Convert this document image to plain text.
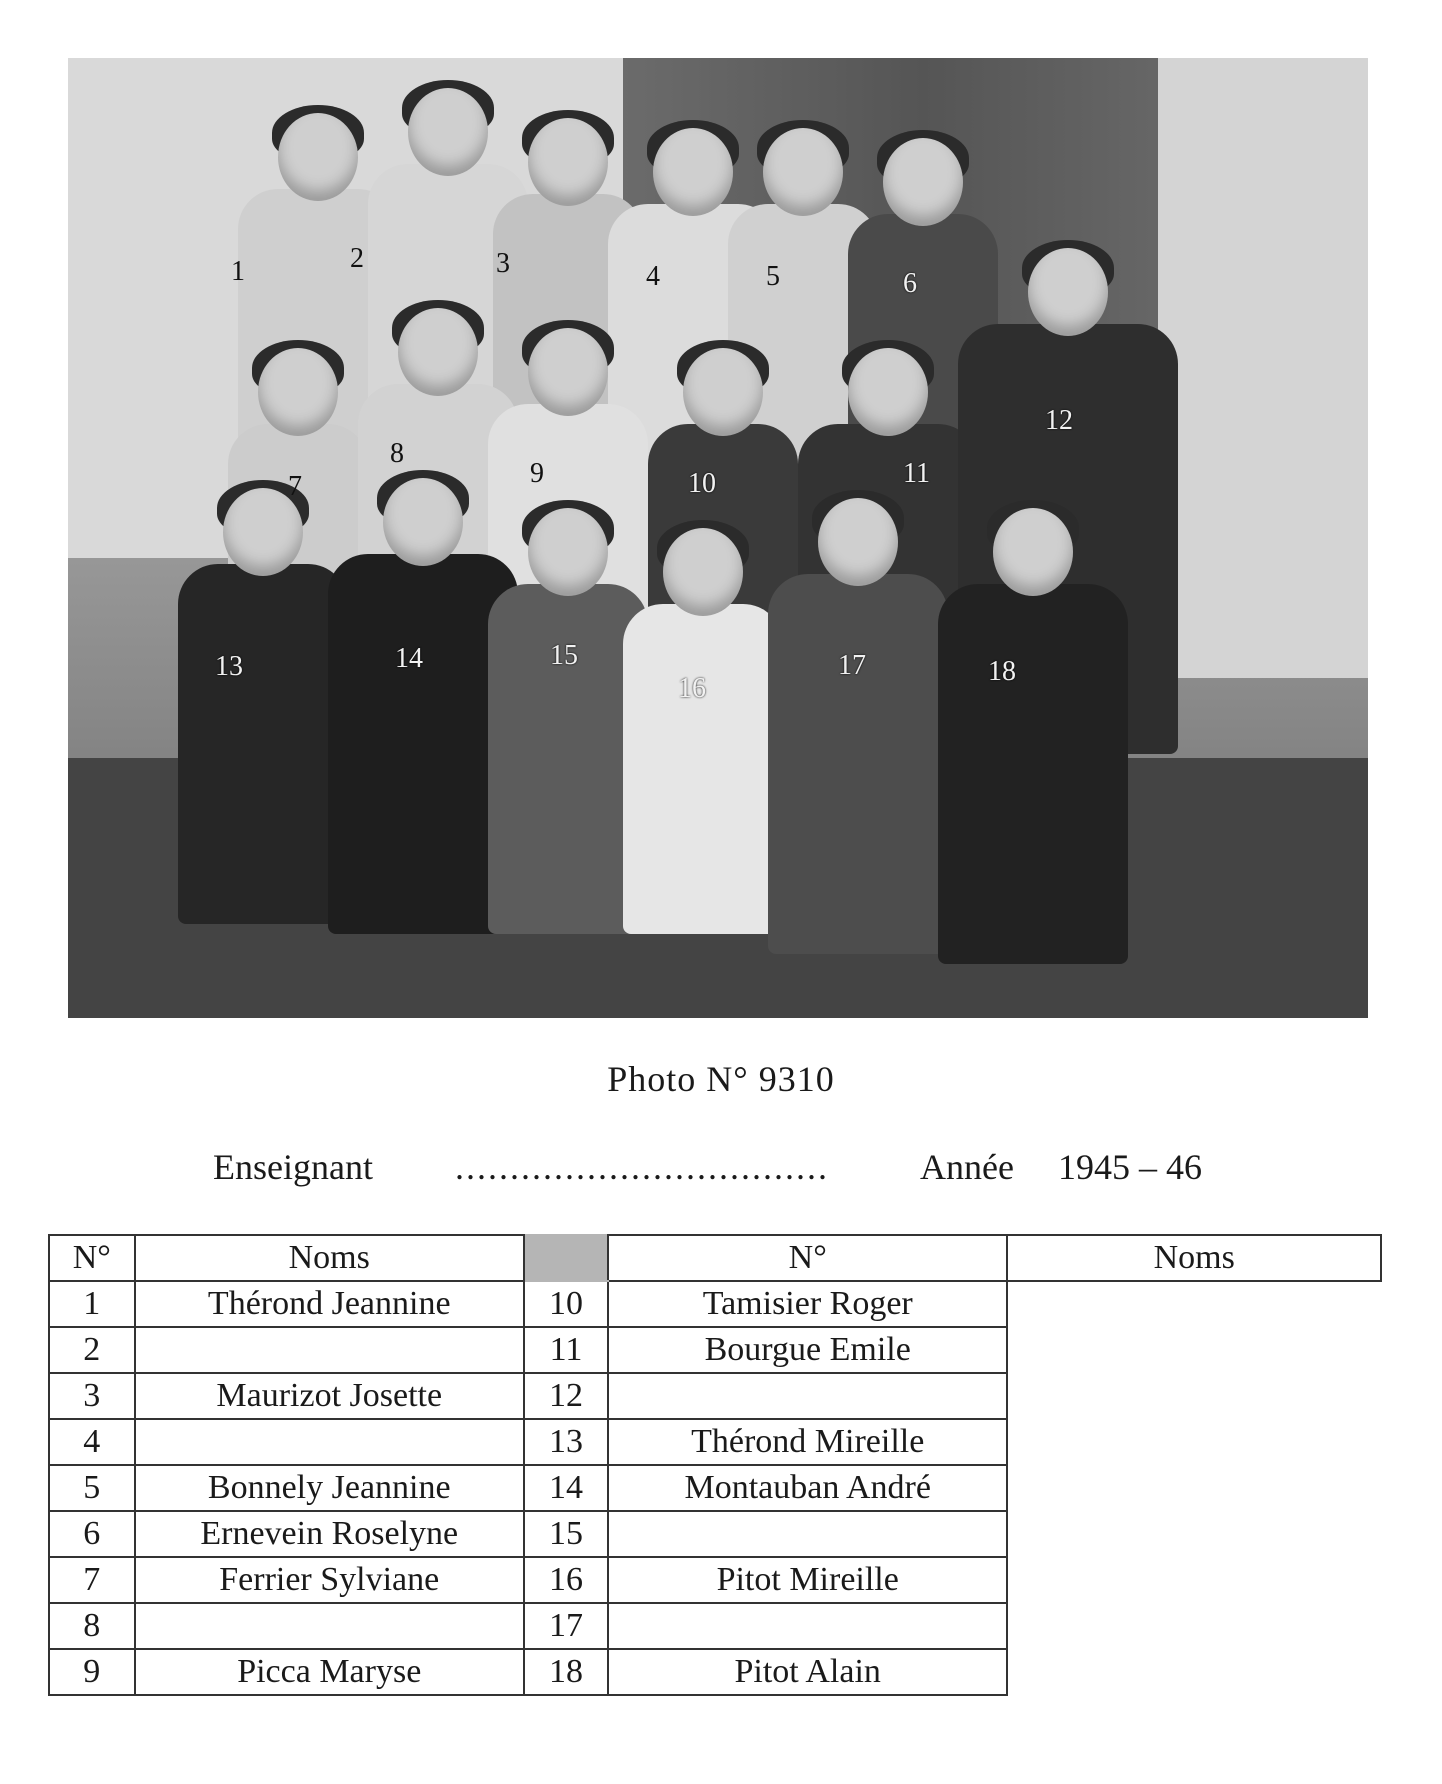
1	2	3	4	5	6
7
8
9	10	11
12
13	14	15
16
17	18
Photo N° 9310
Enseignant ..................................	Année 1945 – 46
N°	Noms		N°	Noms
1	Thérond Jeannine	10	Tamisier Roger	
2		11	Bourgue Emile	
3	Maurizot Josette	12		
4		13	Thérond Mireille	
5	Bonnely Jeannine	14	Montauban André	
6	Ernevein Roselyne	15		
7	Ferrier Sylviane	16	Pitot Mireille	
8		17		
9	Picca Maryse	18	Pitot Alain	
